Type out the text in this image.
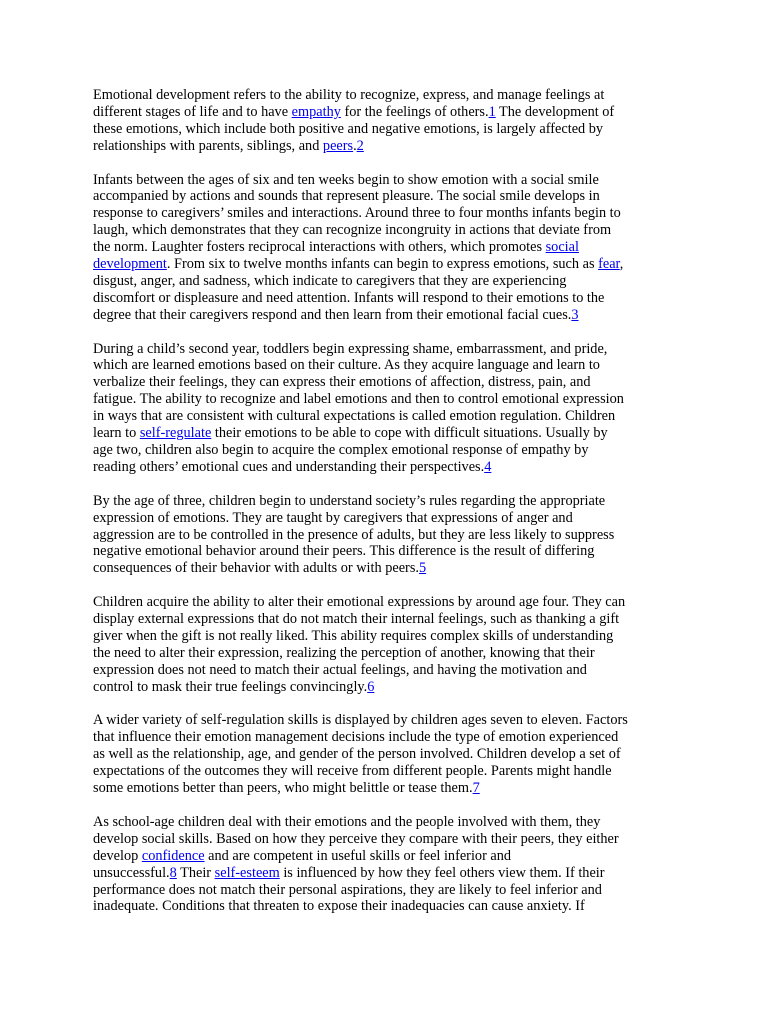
Emotional development refers to the ability to recognize, express, and manage feelings at
different stages of life and to have empathy for the feelings of others.1 The development of
these emotions, which include both positive and negative emotions, is largely affected by
relationships with parents, siblings, and peers.2

Infants between the ages of six and ten weeks begin to show emotion with a social smile
accompanied by actions and sounds that represent pleasure. The social smile develops in
response to caregivers’ smiles and interactions. Around three to four months infants begin to
laugh, which demonstrates that they can recognize incongruity in actions that deviate from
the norm. Laughter fosters reciprocal interactions with others, which promotes social
development. From six to twelve months infants can begin to express emotions, such as fear,
disgust, anger, and sadness, which indicate to caregivers that they are experiencing
discomfort or displeasure and need attention. Infants will respond to their emotions to the
degree that their caregivers respond and then learn from their emotional facial cues.3

During a child’s second year, toddlers begin expressing shame, embarrassment, and pride,
which are learned emotions based on their culture. As they acquire language and learn to
verbalize their feelings, they can express their emotions of affection, distress, pain, and
fatigue. The ability to recognize and label emotions and then to control emotional expression
in ways that are consistent with cultural expectations is called emotion regulation. Children
learn to self-regulate their emotions to be able to cope with difficult situations. Usually by
age two, children also begin to acquire the complex emotional response of empathy by
reading others’ emotional cues and understanding their perspectives.4

By the age of three, children begin to understand society’s rules regarding the appropriate
expression of emotions. They are taught by caregivers that expressions of anger and
aggression are to be controlled in the presence of adults, but they are less likely to suppress
negative emotional behavior around their peers. This difference is the result of differing
consequences of their behavior with adults or with peers.5

Children acquire the ability to alter their emotional expressions by around age four. They can
display external expressions that do not match their internal feelings, such as thanking a gift
giver when the gift is not really liked. This ability requires complex skills of understanding
the need to alter their expression, realizing the perception of another, knowing that their
expression does not need to match their actual feelings, and having the motivation and
control to mask their true feelings convincingly.6

A wider variety of self-regulation skills is displayed by children ages seven to eleven. Factors
that influence their emotion management decisions include the type of emotion experienced
as well as the relationship, age, and gender of the person involved. Children develop a set of
expectations of the outcomes they will receive from different people. Parents might handle
some emotions better than peers, who might belittle or tease them.7

As school-age children deal with their emotions and the people involved with them, they
develop social skills. Based on how they perceive they compare with their peers, they either
develop confidence and are competent in useful skills or feel inferior and
unsuccessful.8 Their self-esteem is influenced by how they feel others view them. If their
performance does not match their personal aspirations, they are likely to feel inferior and
inadequate. Conditions that threaten to expose their inadequacies can cause anxiety. If
